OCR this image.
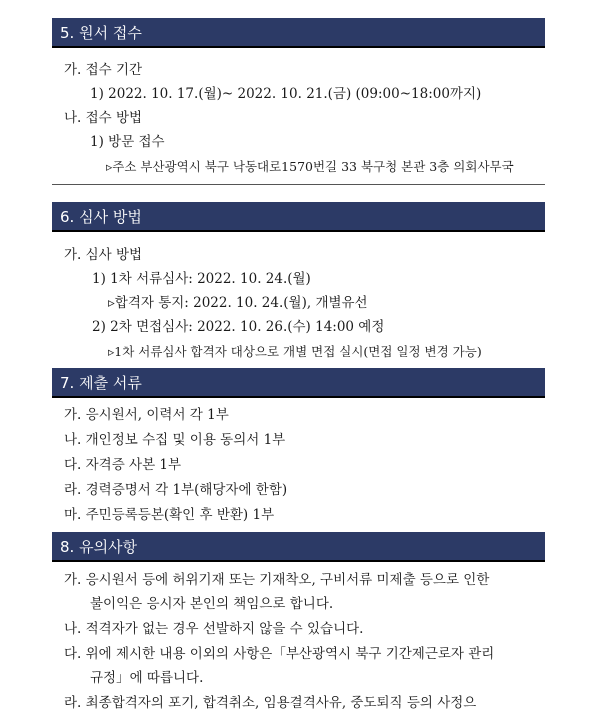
5. 원서 접수
가. 접수 기간
1) 2022. 10. 17.(월)~ 2022. 10. 21.(금) (09:00~18:00까지)
나. 접수 방법
1) 방문 접수
▹주소 부산광역시 북구 낙동대로1570번길 33 북구청 본관 3층 의회사무국
6. 심사 방법
가. 심사 방법
1) 1차 서류심사: 2022. 10. 24.(월)
▹합격자 통지: 2022. 10. 24.(월), 개별유선
2) 2차 면접심사: 2022. 10. 26.(수) 14:00 예정
▹1차 서류심사 합격자 대상으로 개별 면접 실시(면접 일정 변경 가능)
7. 제출 서류
가. 응시원서, 이력서 각 1부
나. 개인정보 수집 및 이용 동의서 1부
다. 자격증 사본 1부
라. 경력증명서 각 1부(해당자에 한함)
마. 주민등록등본(확인 후 반환) 1부
8. 유의사항
가. 응시원서 등에 허위기재 또는 기재착오, 구비서류 미제출 등으로 인한
불이익은 응시자 본인의 책임으로 합니다.
나. 적격자가 없는 경우 선발하지 않을 수 있습니다.
다. 위에 제시한 내용 이외의 사항은「부산광역시 북구 기간제근로자 관리
규정」에 따릅니다.
라. 최종합격자의 포기, 합격취소, 임용결격사유, 중도퇴직 등의 사정으
